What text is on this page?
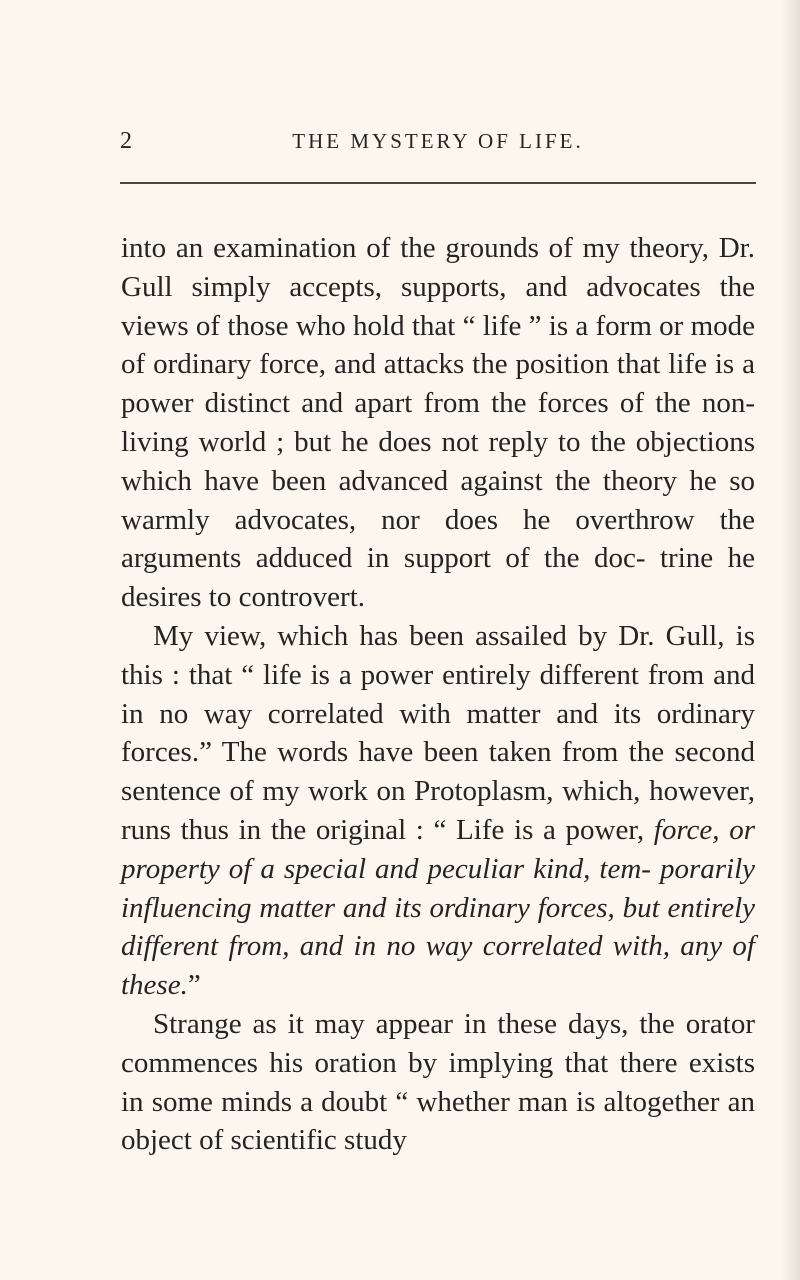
2	THE MYSTERY OF LIFE.

into an examination of the grounds of my theory, Dr. Gull simply accepts, supports, and advocates the views of those who hold that “ life ” is a form or mode of ordinary force, and attacks the position that life is a power distinct and apart from the forces of the non-living world ; but he does not reply to the objections which have been advanced against the theory he so warmly advocates, nor does he overthrow the arguments adduced in support of the doc- trine he desires to controvert.

My view, which has been assailed by Dr. Gull, is this : that “ life is a power entirely different from and in no way correlated with matter and its ordinary forces.” The words have been taken from the second sentence of my work on Protoplasm, which, however, runs thus in the original : “ Life is a power, force, or property of a special and peculiar kind, tem- porarily influencing matter and its ordinary forces, but entirely different from, and in no way correlated with, any of these.”

Strange as it may appear in these days, the orator commences his oration by implying that there exists in some minds a doubt “ whether man is altogether an object of scientific study
